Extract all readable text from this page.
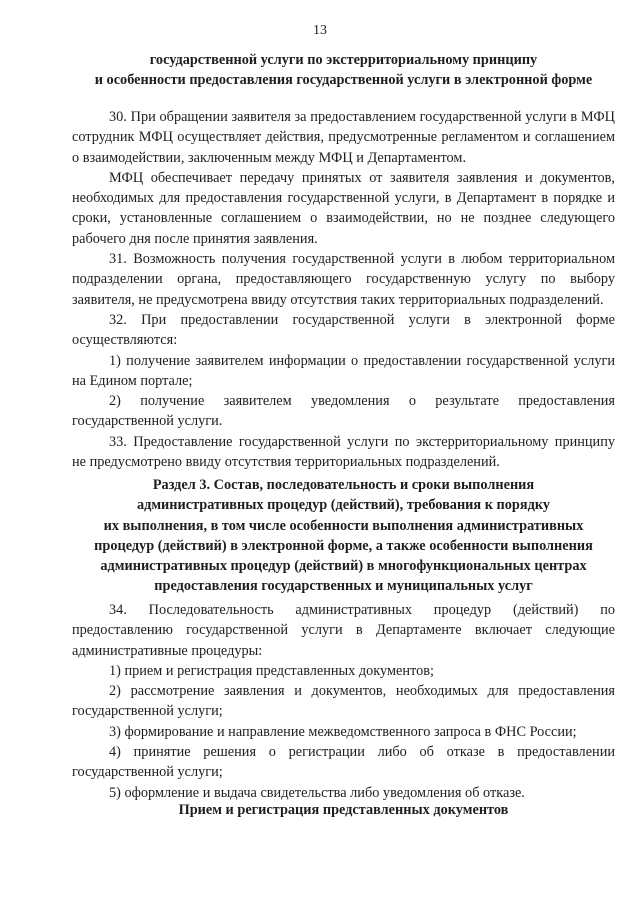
13
государственной услуги по экстерриториальному принципу
и особенности предоставления государственной услуги в электронной форме

30. При обращении заявителя за предоставлением государственной услуги в МФЦ сотрудник МФЦ осуществляет действия, предусмотренные регламентом и соглашением о взаимодействии, заключенным между МФЦ и Департаментом.

МФЦ обеспечивает передачу принятых от заявителя заявления и документов, необходимых для предоставления государственной услуги, в Департамент в порядке и сроки, установленные соглашением о взаимодействии, но не позднее следующего рабочего дня после принятия заявления.

31. Возможность получения государственной услуги в любом территориальном подразделении органа, предоставляющего государственную услугу по выбору заявителя, не предусмотрена ввиду отсутствия таких территориальных подразделений.

32. При предоставлении государственной услуги в электронной форме осуществляются:

1) получение заявителем информации о предоставлении государственной услуги на Едином портале;

2) получение заявителем уведомления о результате предоставления государственной услуги.

33. Предоставление государственной услуги по экстерриториальному принципу не предусмотрено ввиду отсутствия территориальных подразделений.

Раздел 3. Состав, последовательность и сроки выполнения
административных процедур (действий), требования к порядку
их выполнения, в том числе особенности выполнения административных
процедур (действий) в электронной форме, а также особенности выполнения
административных процедур (действий) в многофункциональных центрах
предоставления государственных и муниципальных услуг

34. Последовательность административных процедур (действий) по предоставлению государственной услуги в Департаменте включает следующие административные процедуры:

1) прием и регистрация представленных документов;

2) рассмотрение заявления и документов, необходимых для предоставления государственной услуги;

3) формирование и направление межведомственного запроса в ФНС России;

4) принятие решения о регистрации либо об отказе в предоставлении государственной услуги;

5) оформление и выдача свидетельства либо уведомления об отказе.

Прием и регистрация представленных документов
